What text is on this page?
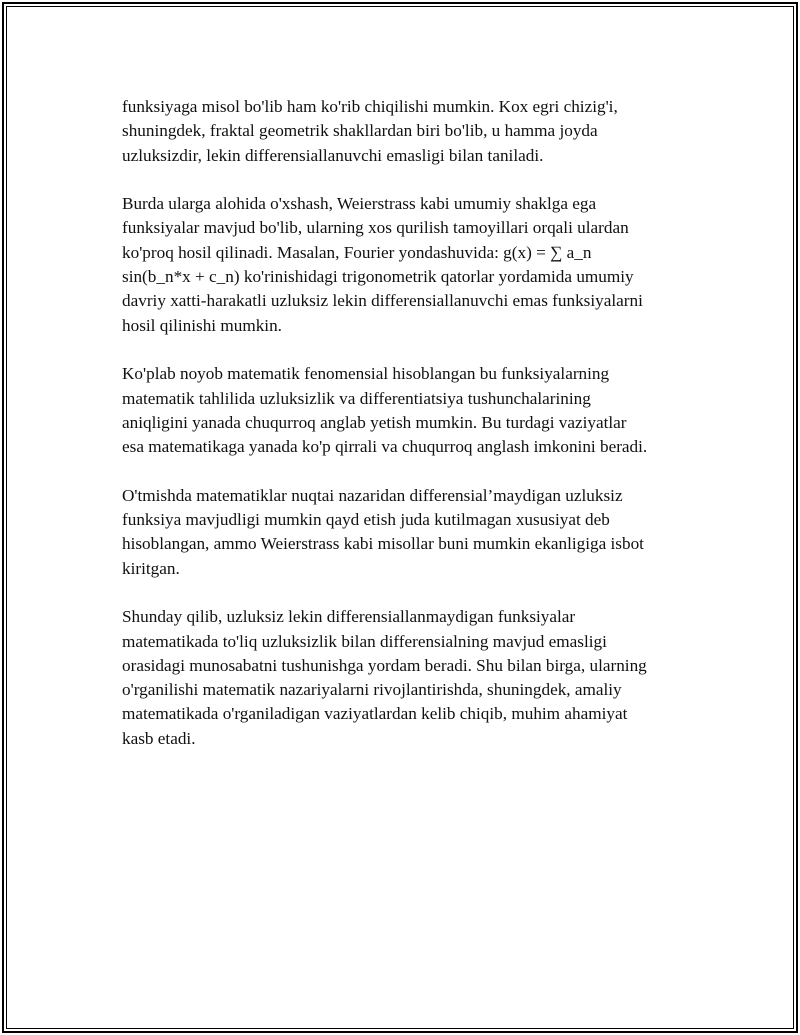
funksiyaga misol bo'lib ham ko'rib chiqilishi mumkin. Kox egri chizig'i,
shuningdek, fraktal geometrik shakllardan biri bo'lib, u hamma joyda
uzluksizdir, lekin differensiallanuvchi emasligi bilan taniladi.

Burda ularga alohida o'xshash, Weierstrass kabi umumiy shaklga ega
funksiyalar mavjud bo'lib, ularning xos qurilish tamoyillari orqali ulardan
ko'proq hosil qilinadi. Masalan, Fourier yondashuvida: g(x) = ∑ a_n
sin(b_n*x + c_n) ko'rinishidagi trigonometrik qatorlar yordamida umumiy
davriy xatti-harakatli uzluksiz lekin differensiallanuvchi emas funksiyalarni
hosil qilinishi mumkin.

Ko'plab noyob matematik fenomensial hisoblangan bu funksiyalarning
matematik tahlilida uzluksizlik va differentiatsiya tushunchalarining
aniqligini yanada chuqurroq anglab yetish mumkin. Bu turdagi vaziyatlar
esa matematikaga yanada ko'p qirrali va chuqurroq anglash imkonini beradi.

O'tmishda matematiklar nuqtai nazaridan differensial’maydigan uzluksiz
funksiya mavjudligi mumkin qayd etish juda kutilmagan xususiyat deb
hisoblangan, ammo Weierstrass kabi misollar buni mumkin ekanligiga isbot
kiritgan.

Shunday qilib, uzluksiz lekin differensiallanmaydigan funksiyalar
matematikada to'liq uzluksizlik bilan differensialning mavjud emasligi
orasidagi munosabatni tushunishga yordam beradi. Shu bilan birga, ularning
o'rganilishi matematik nazariyalarni rivojlantirishda, shuningdek, amaliy
matematikada o'rganiladigan vaziyatlardan kelib chiqib, muhim ahamiyat
kasb etadi.
